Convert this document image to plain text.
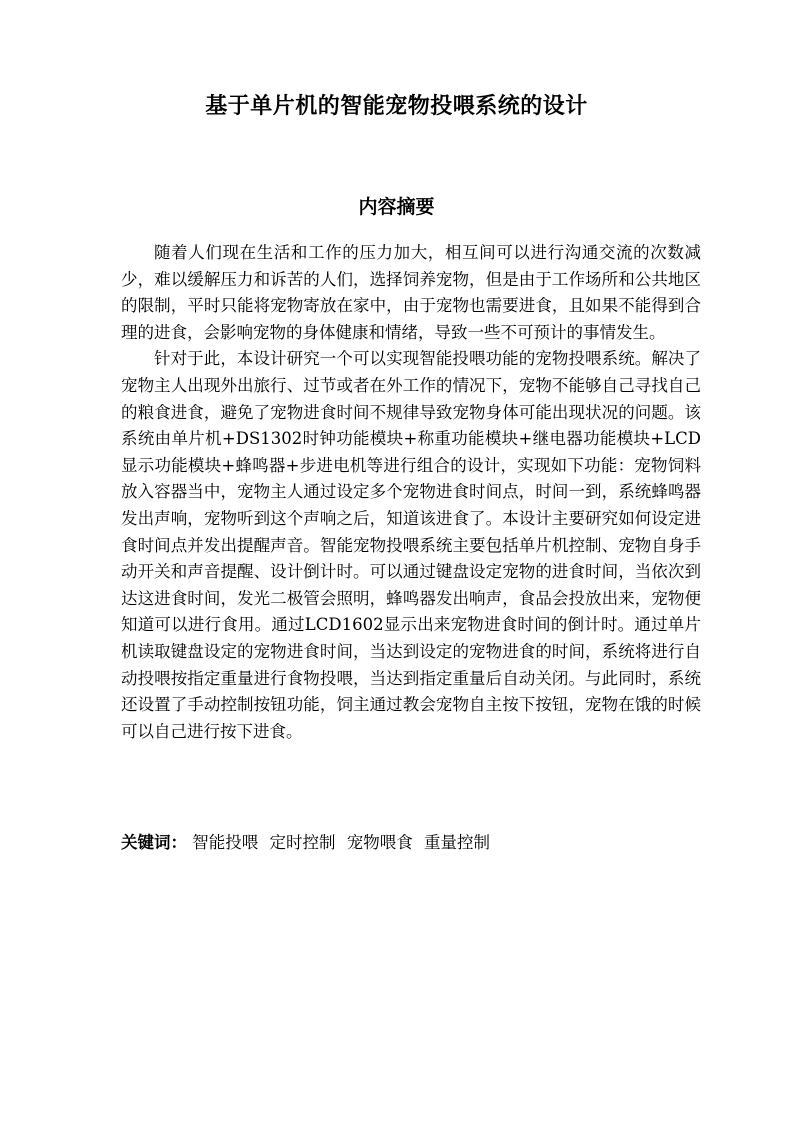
基于单片机的智能宠物投喂系统的设计
内容摘要

随着人们现在生活和工作的压力加大，相互间可以进行沟通交流的次数减少，难以缓解压力和诉苦的人们，选择饲养宠物，但是由于工作场所和公共地区的限制，平时只能将宠物寄放在家中，由于宠物也需要进食，且如果不能得到合理的进食，会影响宠物的身体健康和情绪，导致一些不可预计的事情发生。

针对于此，本设计研究一个可以实现智能投喂功能的宠物投喂系统。解决了宠物主人出现外出旅行、过节或者在外工作的情况下，宠物不能够自己寻找自己的粮食进食，避免了宠物进食时间不规律导致宠物身体可能出现状况的问题。该系统由单片机+DS1302时钟功能模块+称重功能模块+继电器功能模块+LCD显示功能模块+蜂鸣器+步进电机等进行组合的设计，实现如下功能：宠物饲料放入容器当中，宠物主人通过设定多个宠物进食时间点，时间一到，系统蜂鸣器发出声响，宠物听到这个声响之后，知道该进食了。本设计主要研究如何设定进食时间点并发出提醒声音。智能宠物投喂系统主要包括单片机控制、宠物自身手动开关和声音提醒、设计倒计时。可以通过键盘设定宠物的进食时间，当依次到达这进食时间，发光二极管会照明，蜂鸣器发出响声，食品会投放出来，宠物便知道可以进行食用。通过LCD1602显示出来宠物进食时间的倒计时。通过单片机读取键盘设定的宠物进食时间，当达到设定的宠物进食的时间，系统将进行自动投喂按指定重量进行食物投喂，当达到指定重量后自动关闭。与此同时，系统还设置了手动控制按钮功能，饲主通过教会宠物自主按下按钮，宠物在饿的时候可以自己进行按下进食。

关键词： 智能投喂 定时控制 宠物喂食 重量控制
